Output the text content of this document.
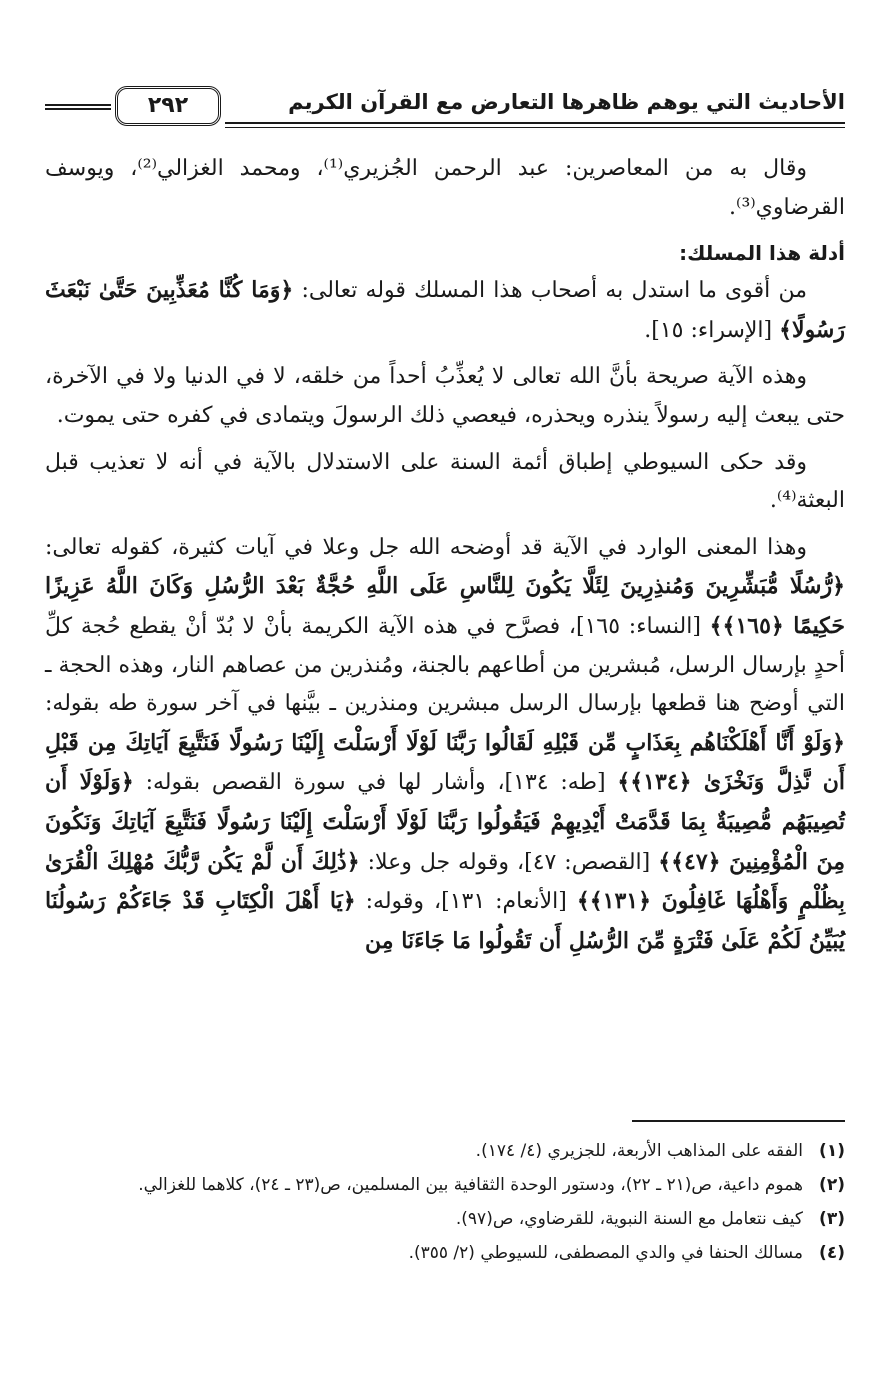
الأحاديث التي يوهم ظاهرها التعارض مع القرآن الكريم
٢٩٢

وقال به من المعاصرين: عبد الرحمن الجُزيري⁽¹⁾، ومحمد الغزالي⁽²⁾، ويوسف القرضاوي⁽³⁾.

أدلة هذا المسلك:

من أقوى ما استدل به أصحاب هذا المسلك قوله تعالى: ﴿وَمَا كُنَّا مُعَذِّبِينَ حَتَّىٰ نَبْعَثَ رَسُولًا﴾ [الإسراء: ١٥].

وهذه الآية صريحة بأنَّ الله تعالى لا يُعذِّبُ أحداً من خلقه، لا في الدنيا ولا في الآخرة، حتى يبعث إليه رسولاً ينذره ويحذره، فيعصي ذلك الرسولَ ويتمادى في كفره حتى يموت.

وقد حكى السيوطي إطباق أئمة السنة على الاستدلال بالآية في أنه لا تعذيب قبل البعثة⁽⁴⁾.

وهذا المعنى الوارد في الآية قد أوضحه الله جل وعلا في آيات كثيرة، كقوله تعالى: ﴿رُّسُلًا مُّبَشِّرِينَ وَمُنذِرِينَ لِئَلَّا يَكُونَ لِلنَّاسِ عَلَى اللَّهِ حُجَّةٌ بَعْدَ الرُّسُلِ وَكَانَ اللَّهُ عَزِيزًا حَكِيمًا ﴿١٦٥﴾﴾ [النساء: ١٦٥]، فصرَّح في هذه الآية الكريمة بأنْ لا بُدّ أنْ يقطع حُجة كلِّ أحدٍ بإرسال الرسل، مُبشرين من أطاعهم بالجنة، ومُنذرين من عصاهم النار، وهذه الحجة ـ التي أوضح هنا قطعها بإرسال الرسل مبشرين ومنذرين ـ بيَّنها في آخر سورة طه بقوله: ﴿وَلَوْ أَنَّا أَهْلَكْنَاهُم بِعَذَابٍ مِّن قَبْلِهِ لَقَالُوا رَبَّنَا لَوْلَا أَرْسَلْتَ إِلَيْنَا رَسُولًا فَنَتَّبِعَ آيَاتِكَ مِن قَبْلِ أَن نَّذِلَّ وَنَخْزَىٰ ﴿١٣٤﴾﴾ [طه: ١٣٤]، وأشار لها في سورة القصص بقوله: ﴿وَلَوْلَا أَن تُصِيبَهُم مُّصِيبَةٌ بِمَا قَدَّمَتْ أَيْدِيهِمْ فَيَقُولُوا رَبَّنَا لَوْلَا أَرْسَلْتَ إِلَيْنَا رَسُولًا فَنَتَّبِعَ آيَاتِكَ وَنَكُونَ مِنَ الْمُؤْمِنِينَ ﴿٤٧﴾﴾ [القصص: ٤٧]، وقوله جل وعلا: ﴿ذَٰلِكَ أَن لَّمْ يَكُن رَّبُّكَ مُهْلِكَ الْقُرَىٰ بِظُلْمٍ وَأَهْلُهَا غَافِلُونَ ﴿١٣١﴾﴾ [الأنعام: ١٣١]، وقوله: ﴿يَا أَهْلَ الْكِتَابِ قَدْ جَاءَكُمْ رَسُولُنَا يُبَيِّنُ لَكُمْ عَلَىٰ فَتْرَةٍ مِّنَ الرُّسُلِ أَن تَقُولُوا مَا جَاءَنَا مِن

(١)
الفقه على المذاهب الأربعة، للجزيري (٤/ ١٧٤).
(٢)
هموم داعية، ص(٢١ ـ ٢٢)، ودستور الوحدة الثقافية بين المسلمين، ص(٢٣ ـ ٢٤)، كلاهما للغزالي.
(٣)
كيف نتعامل مع السنة النبوية، للقرضاوي، ص(٩٧).
(٤)
مسالك الحنفا في والدي المصطفى، للسيوطي (٢/ ٣٥٥).
